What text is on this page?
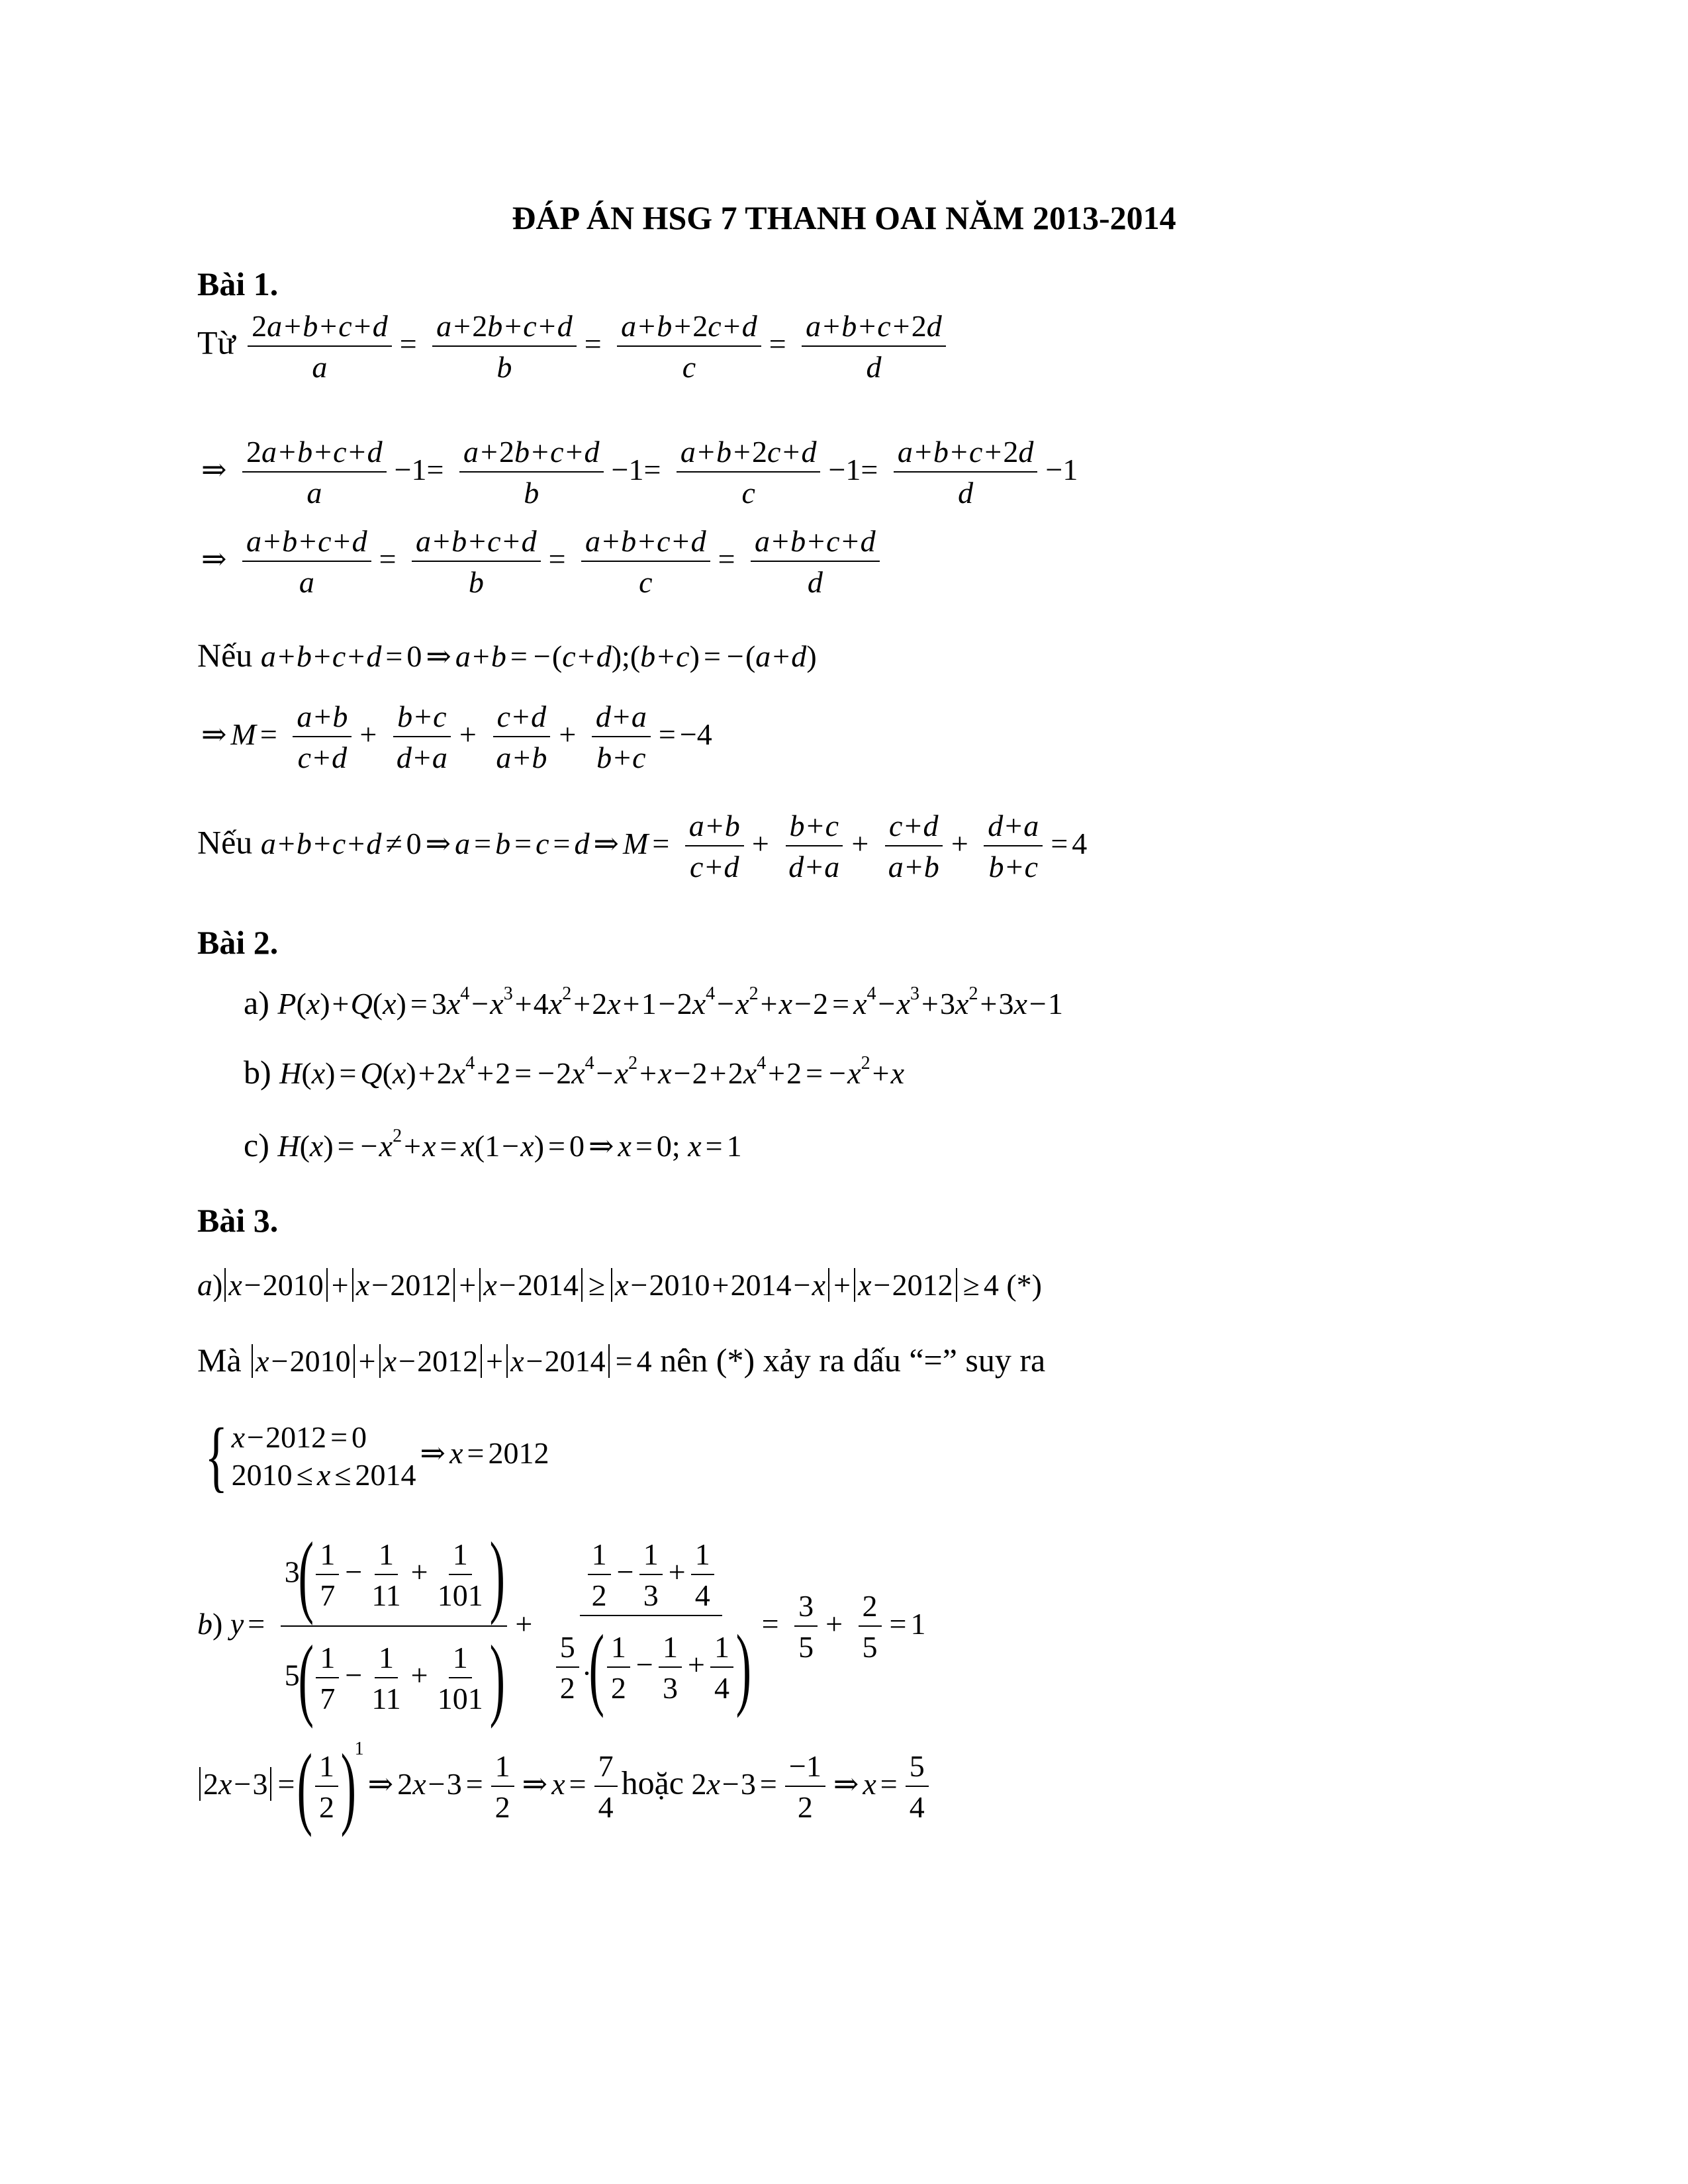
ĐÁP ÁN HSG 7 THANH OAI NĂM 2013-2014
Bài 1.
Từ $\frac{2a+b+c+d}{a} = \frac{a+2b+c+d}{b} = \frac{a+b+2c+d}{c} = \frac{a+b+c+2d}{d}$
⇒ $\frac{2a+b+c+d}{a} -1= \frac{a+2b+c+d}{b} -1= \frac{a+b+2c+d}{c} -1= \frac{a+b+c+2d}{d} -1$
⇒ $\frac{a+b+c+d}{a} = \frac{a+b+c+d}{b} = \frac{a+b+c+d}{c} = \frac{a+b+c+d}{d}$
Nếu a+b+c+d = 0 ⇒ a+b = −(c+d);(b+c) = −(a+d)
⇒ $M = \frac{a+b}{c+d} + \frac{b+c}{d+a} + \frac{c+d}{a+b} + \frac{d+a}{b+c} = -4$
Nếu a+b+c+d ≠ 0 ⇒ a = b = c = d ⇒ $M = \frac{a+b}{c+d} + \frac{b+c}{d+a} + \frac{c+d}{a+b} + \frac{d+a}{b+c} = 4$
Bài 2.
a) $P(x)+Q(x) = 3x^4-x^3+4x^2+2x+1-2x^4-x^2+x-2 = x^4-x^3+3x^2+3x-1$
b) $H(x) = Q(x)+2x^4+2 = -2x^4-x^2+x-2+2x^4+2 = -x^2+x$
c) $H(x) = -x^2+x = x(1-x) = 0$ ⇒ x = 0; x = 1
Bài 3.
a) x−2010 + x−2012 + x−2014 ≥ x−2010+2014−x + x−2012 ≥ 4 (*)
Mà x−2010 + x−2012 + x−2014 = 4 nên (*) xảy ra dấu “=” suy ra
{ x−2012 = 0
2010 ≤ x ≤ 2014
⇒ x = 2012
b) $y = \frac{3( \frac{1}{7} - \frac{1}{11} + \frac{1}{101} )}{5( \frac{1}{7} - \frac{1}{11} + \frac{1}{101} )} + \frac{\frac{1}{2} - \frac{1}{3} + \frac{1}{4}}{\frac{5}{2} .( \frac{1}{2} - \frac{1}{3} + \frac{1}{4} )} = \frac{3}{5} + \frac{2}{5} = 1$
2x−3 =( $\frac{1}{2}$ )$^1$⇒ $2x-3 = \frac{1}{2}$ ⇒ $x = \frac{7}{4}$ hoặc $2x-3 = \frac{-1}{2}$ ⇒ $x = \frac{5}{4}$
